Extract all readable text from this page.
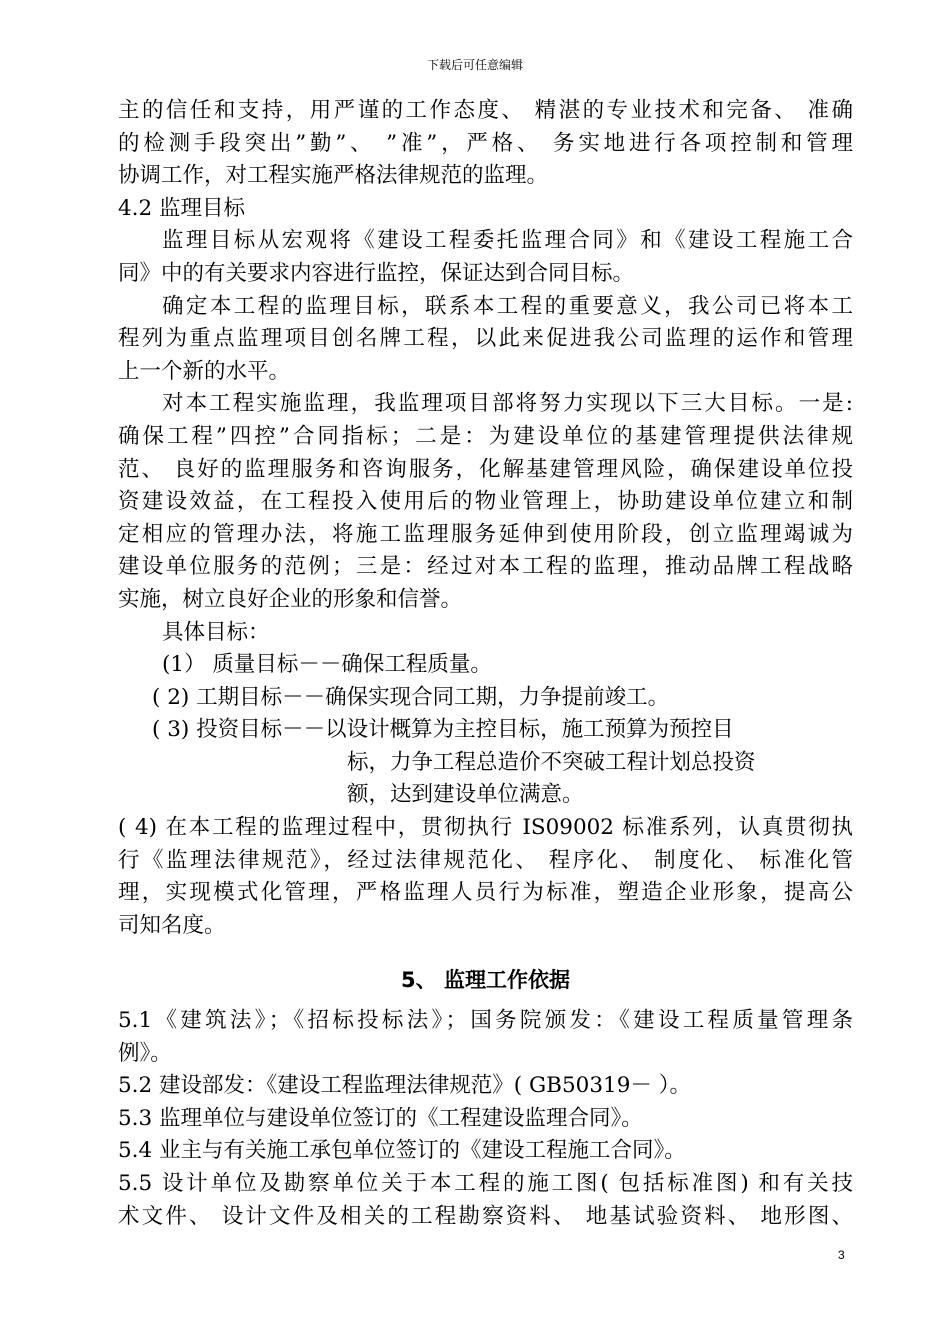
下载后可任意编辑
主的信任和支持，用严谨的工作态度、 精湛的专业技术和完备、 准确
的检测手段突出”勤”、 ”准”，严格、 务实地进行各项控制和管理
协调工作，对工程实施严格法律规范的监理。
4.2 监理目标
监理目标从宏观将《建设工程委托监理合同》和《建设工程施工合
同》中的有关要求内容进行监控，保证达到合同目标。
确定本工程的监理目标，联系本工程的重要意义，我公司已将本工
程列为重点监理项目创名牌工程，以此来促进我公司监理的运作和管理
上一个新的水平。
对本工程实施监理，我监理项目部将努力实现以下三大目标。一是:
确保工程”四控”合同指标；二是：为建设单位的基建管理提供法律规
范、 良好的监理服务和咨询服务，化解基建管理风险，确保建设单位投
资建设效益，在工程投入使用后的物业管理上，协助建设单位建立和制
定相应的管理办法，将施工监理服务延伸到使用阶段，创立监理竭诚为
建设单位服务的范例；三是：经过对本工程的监理，推动品牌工程战略
实施，树立良好企业的形象和信誉。
具体目标：
(1） 质量目标－－确保工程质量。
( 2) 工期目标－－确保实现合同工期，力争提前竣工。
( 3) 投资目标－－以设计概算为主控目标，施工预算为预控目
标，力争工程总造价不突破工程计划总投资
额，达到建设单位满意。
( 4) 在本工程的监理过程中，贯彻执行 IS09002 标准系列，认真贯彻执
行《监理法律规范》，经过法律规范化、 程序化、 制度化、 标准化管
理，实现模式化管理，严格监理人员行为标准，塑造企业形象，提高公
司知名度。
5、 监理工作依据
5.1《建筑法》；《招标投标法》；国务院颁发：《建设工程质量管理条
例》。
5.2 建设部发：《建设工程监理法律规范》( GB50319－ ）。
5.3 监理单位与建设单位签订的《工程建设监理合同》。
5.4 业主与有关施工承包单位签订的《建设工程施工合同》。
5.5 设计单位及勘察单位关于本工程的施工图( 包括标准图) 和有关技
术文件、 设计文件及相关的工程勘察资料、 地基试验资料、 地形图、
3
